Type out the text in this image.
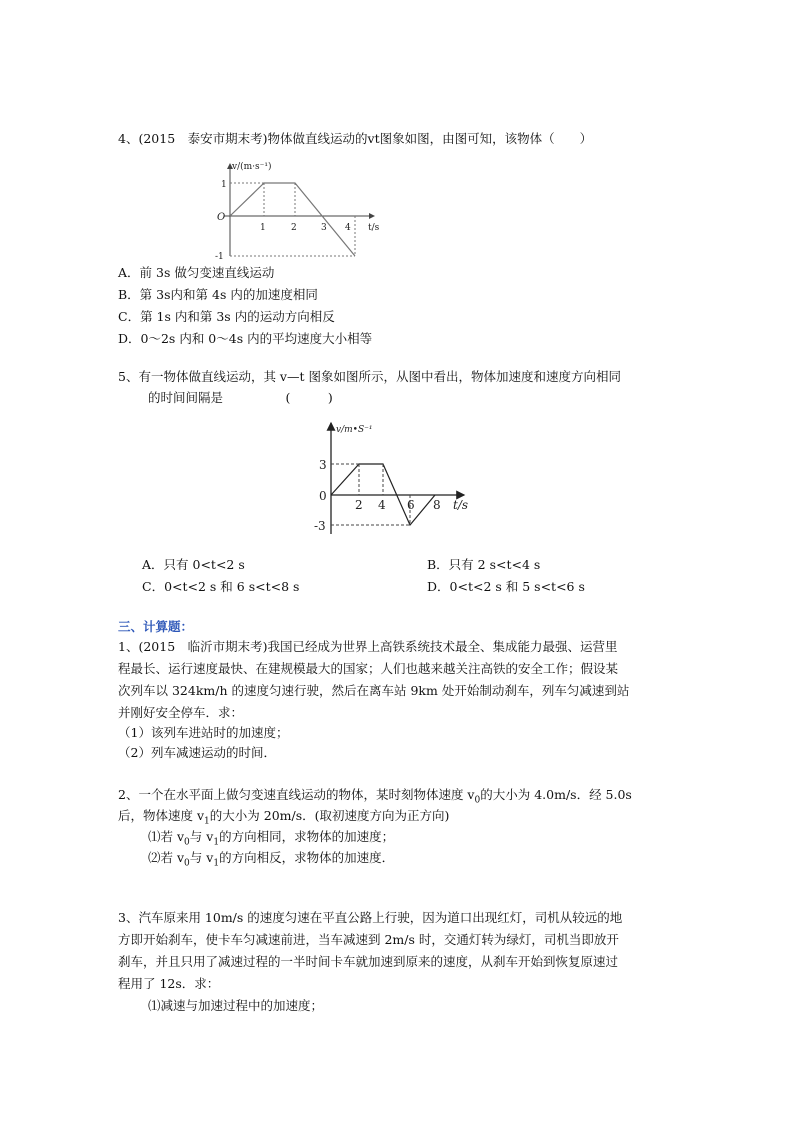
4、(2015　泰安市期末考)物体做直线运动的vt图象如图，由图可知，该物体（　　）
v/(m·s⁻¹)
t/s
O
1
-1
1	2	3 4
A．前 3s 做匀变速直线运动
B．第 3s内和第 4s 内的加速度相同
C．第 1s 内和第 3s 内的运动方向相反
D．0～2s 内和 0～4s 内的平均速度大小相等
5、有一物体做直线运动，其 v—t 图象如图所示，从图中看出，物体加速度和速度方向相同
的时间间隔是　　　　　(　　　)
v/m•S⁻¹
t/s
0
3
-3
2 4 6 8
A．只有 0<t<2 s	B．只有 2 s<t<4 s
C．0<t<2 s 和 6 s<t<8 s	D．0<t<2 s 和 5 s<t<6 s
三、计算题：
1、(2015　临沂市期末考)我国已经成为世界上高铁系统技术最全、集成能力最强、运营里
程最长、运行速度最快、在建规模最大的国家；人们也越来越关注高铁的安全工作；假设某
次列车以 324km/h 的速度匀速行驶，然后在离车站 9km 处开始制动刹车，列车匀减速到站
并刚好安全停车．求：
（1）该列车进站时的加速度；
（2）列车减速运动的时间．
2、一个在水平面上做匀变速直线运动的物体，某时刻物体速度 $v_0$的大小为 4.0m/s．经 5.0s
后，物体速度 $v_1$的大小为 20m/s．(取初速度方向为正方向)
⑴若 $v_0$与 $v_1$的方向相同，求物体的加速度；
⑵若 $v_0$与 $v_1$的方向相反，求物体的加速度．
3、汽车原来用 10m/s 的速度匀速在平直公路上行驶，因为道口出现红灯，司机从较远的地
方即开始刹车，使卡车匀减速前进，当车减速到 2m/s 时，交通灯转为绿灯，司机当即放开
刹车，并且只用了减速过程的一半时间卡车就加速到原来的速度，从刹车开始到恢复原速过
程用了 12s．求：
⑴减速与加速过程中的加速度；
